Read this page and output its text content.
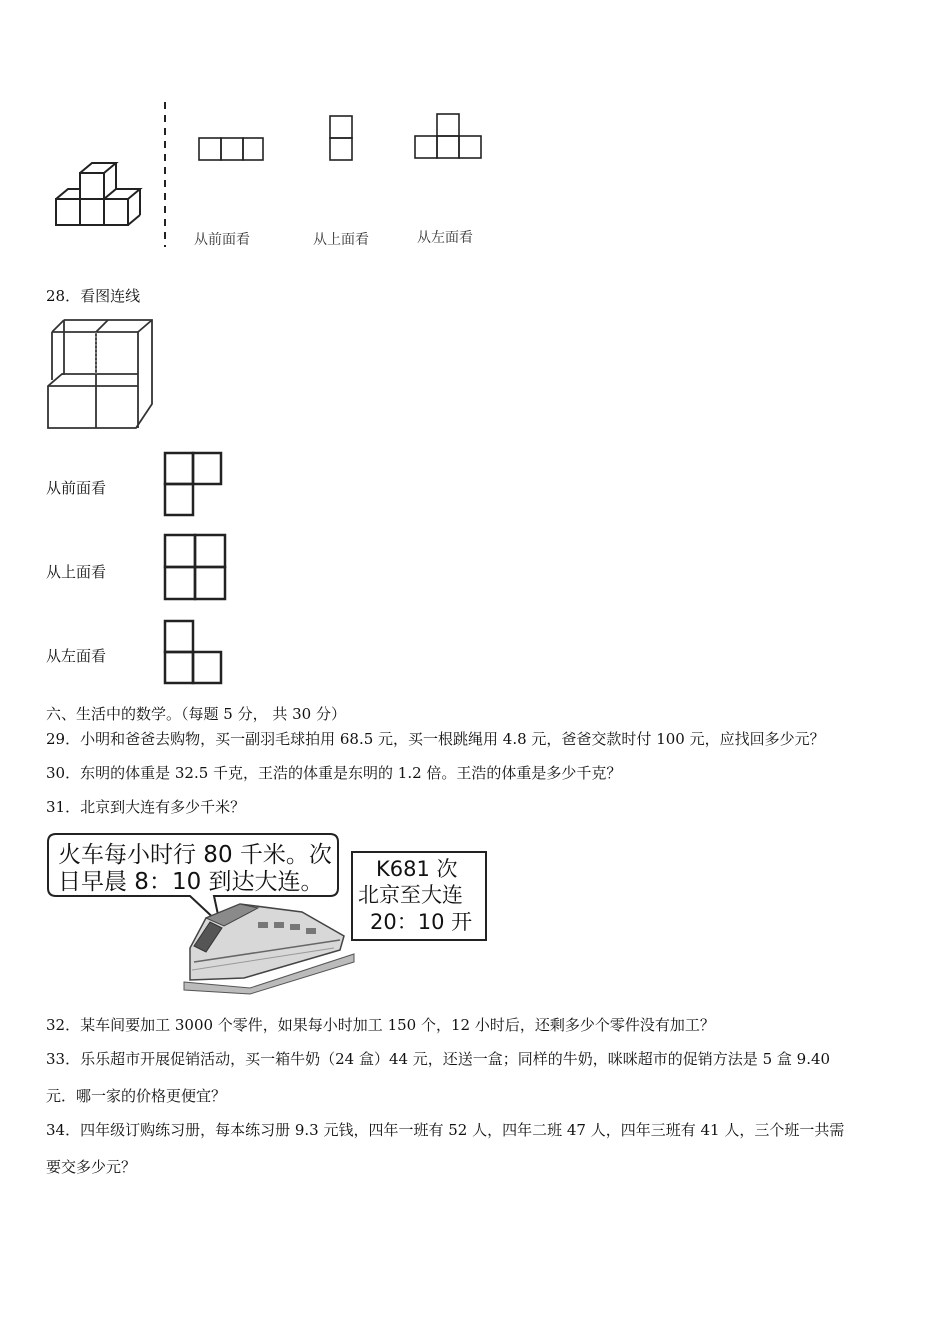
从前面看	从上面看	从左面看
28．看图连线
从前面看
从上面看
从左面看
六、生活中的数学。（每题 5 分， 共 30 分）
29．小明和爸爸去购物，买一副羽毛球拍用 68.5 元，买一根跳绳用 4.8 元，爸爸交款时付 100 元，应找回多少元？
30．东明的体重是 32.5 千克，王浩的体重是东明的 1.2 倍。王浩的体重是多少千克？
31．北京到大连有多少千米？
火车每小时行 80 千米。次
日早晨 8：10 到达大连。 K681 次
北京至大连
20：10 开
32．某车间要加工 3000 个零件，如果每小时加工 150 个，12 小时后，还剩多少个零件没有加工？
33．乐乐超市开展促销活动，买一箱牛奶（24 盒）44 元，还送一盒；同样的牛奶，咪咪超市的促销方法是 5 盒 9.40
元．哪一家的价格更便宜？
34．四年级订购练习册，每本练习册 9.3 元钱，四年一班有 52 人，四年二班 47 人，四年三班有 41 人，三个班一共需
要交多少元？
